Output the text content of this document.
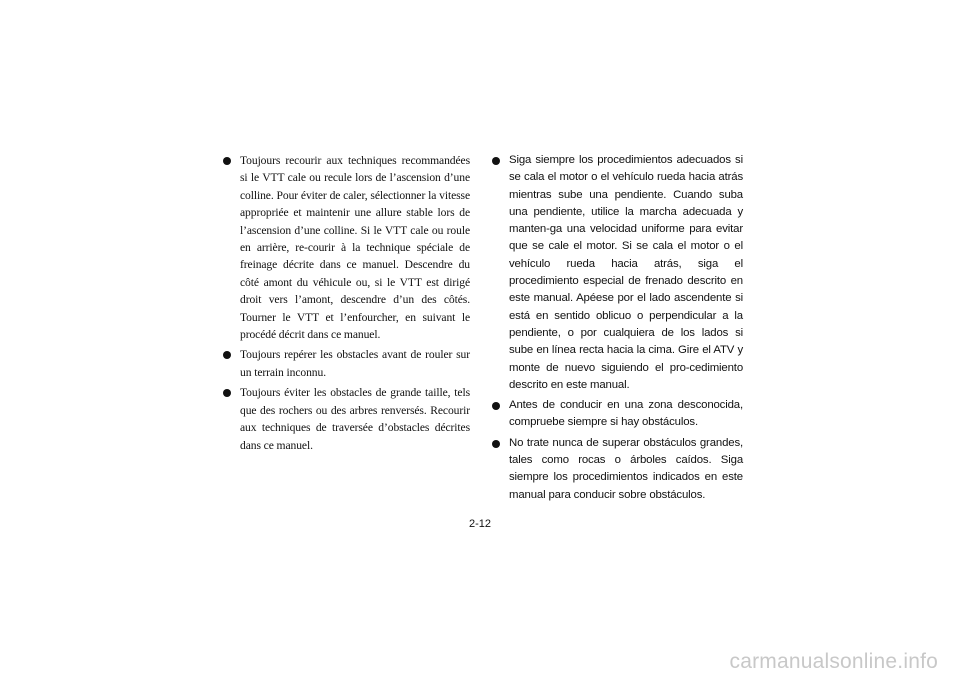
Toujours recourir aux techniques recommandées si le VTT cale ou recule lors de l’ascension d’une colline. Pour éviter de caler, sélectionner la vitesse appropriée et maintenir une allure stable lors de l’ascension d’une colline. Si le VTT cale ou roule en arrière, re-courir à la technique spéciale de freinage décrite dans ce manuel. Descendre du côté amont du véhicule ou, si le VTT est dirigé droit vers l’amont, descendre d’un des côtés. Tourner le VTT et l’enfourcher, en suivant le procédé décrit dans ce manuel.
Toujours repérer les obstacles avant de rouler sur un terrain inconnu.
Toujours éviter les obstacles de grande taille, tels que des rochers ou des arbres renversés. Recourir aux techniques de traversée d’obstacles décrites dans ce manuel.
Siga siempre los procedimientos adecuados si se cala el motor o el vehículo rueda hacia atrás mientras sube una pendiente. Cuando suba una pendiente, utilice la marcha adecuada y manten-ga una velocidad uniforme para evitar que se cale el motor. Si se cala el motor o el vehículo rueda hacia atrás, siga el procedimiento especial de frenado descrito en este manual. Apéese por el lado ascendente si está en sentido oblicuo o perpendicular a la pendiente, o por cualquiera de los lados si sube en línea recta hacia la cima. Gire el ATV y monte de nuevo siguiendo el pro-cedimiento descrito en este manual.
Antes de conducir en una zona desconocida, compruebe siempre si hay obstáculos.
No trate nunca de superar obstáculos grandes, tales como rocas o árboles caídos. Siga siempre los procedimientos indicados en este manual para conducir sobre obstáculos.
2-12
carmanualsonline.info
